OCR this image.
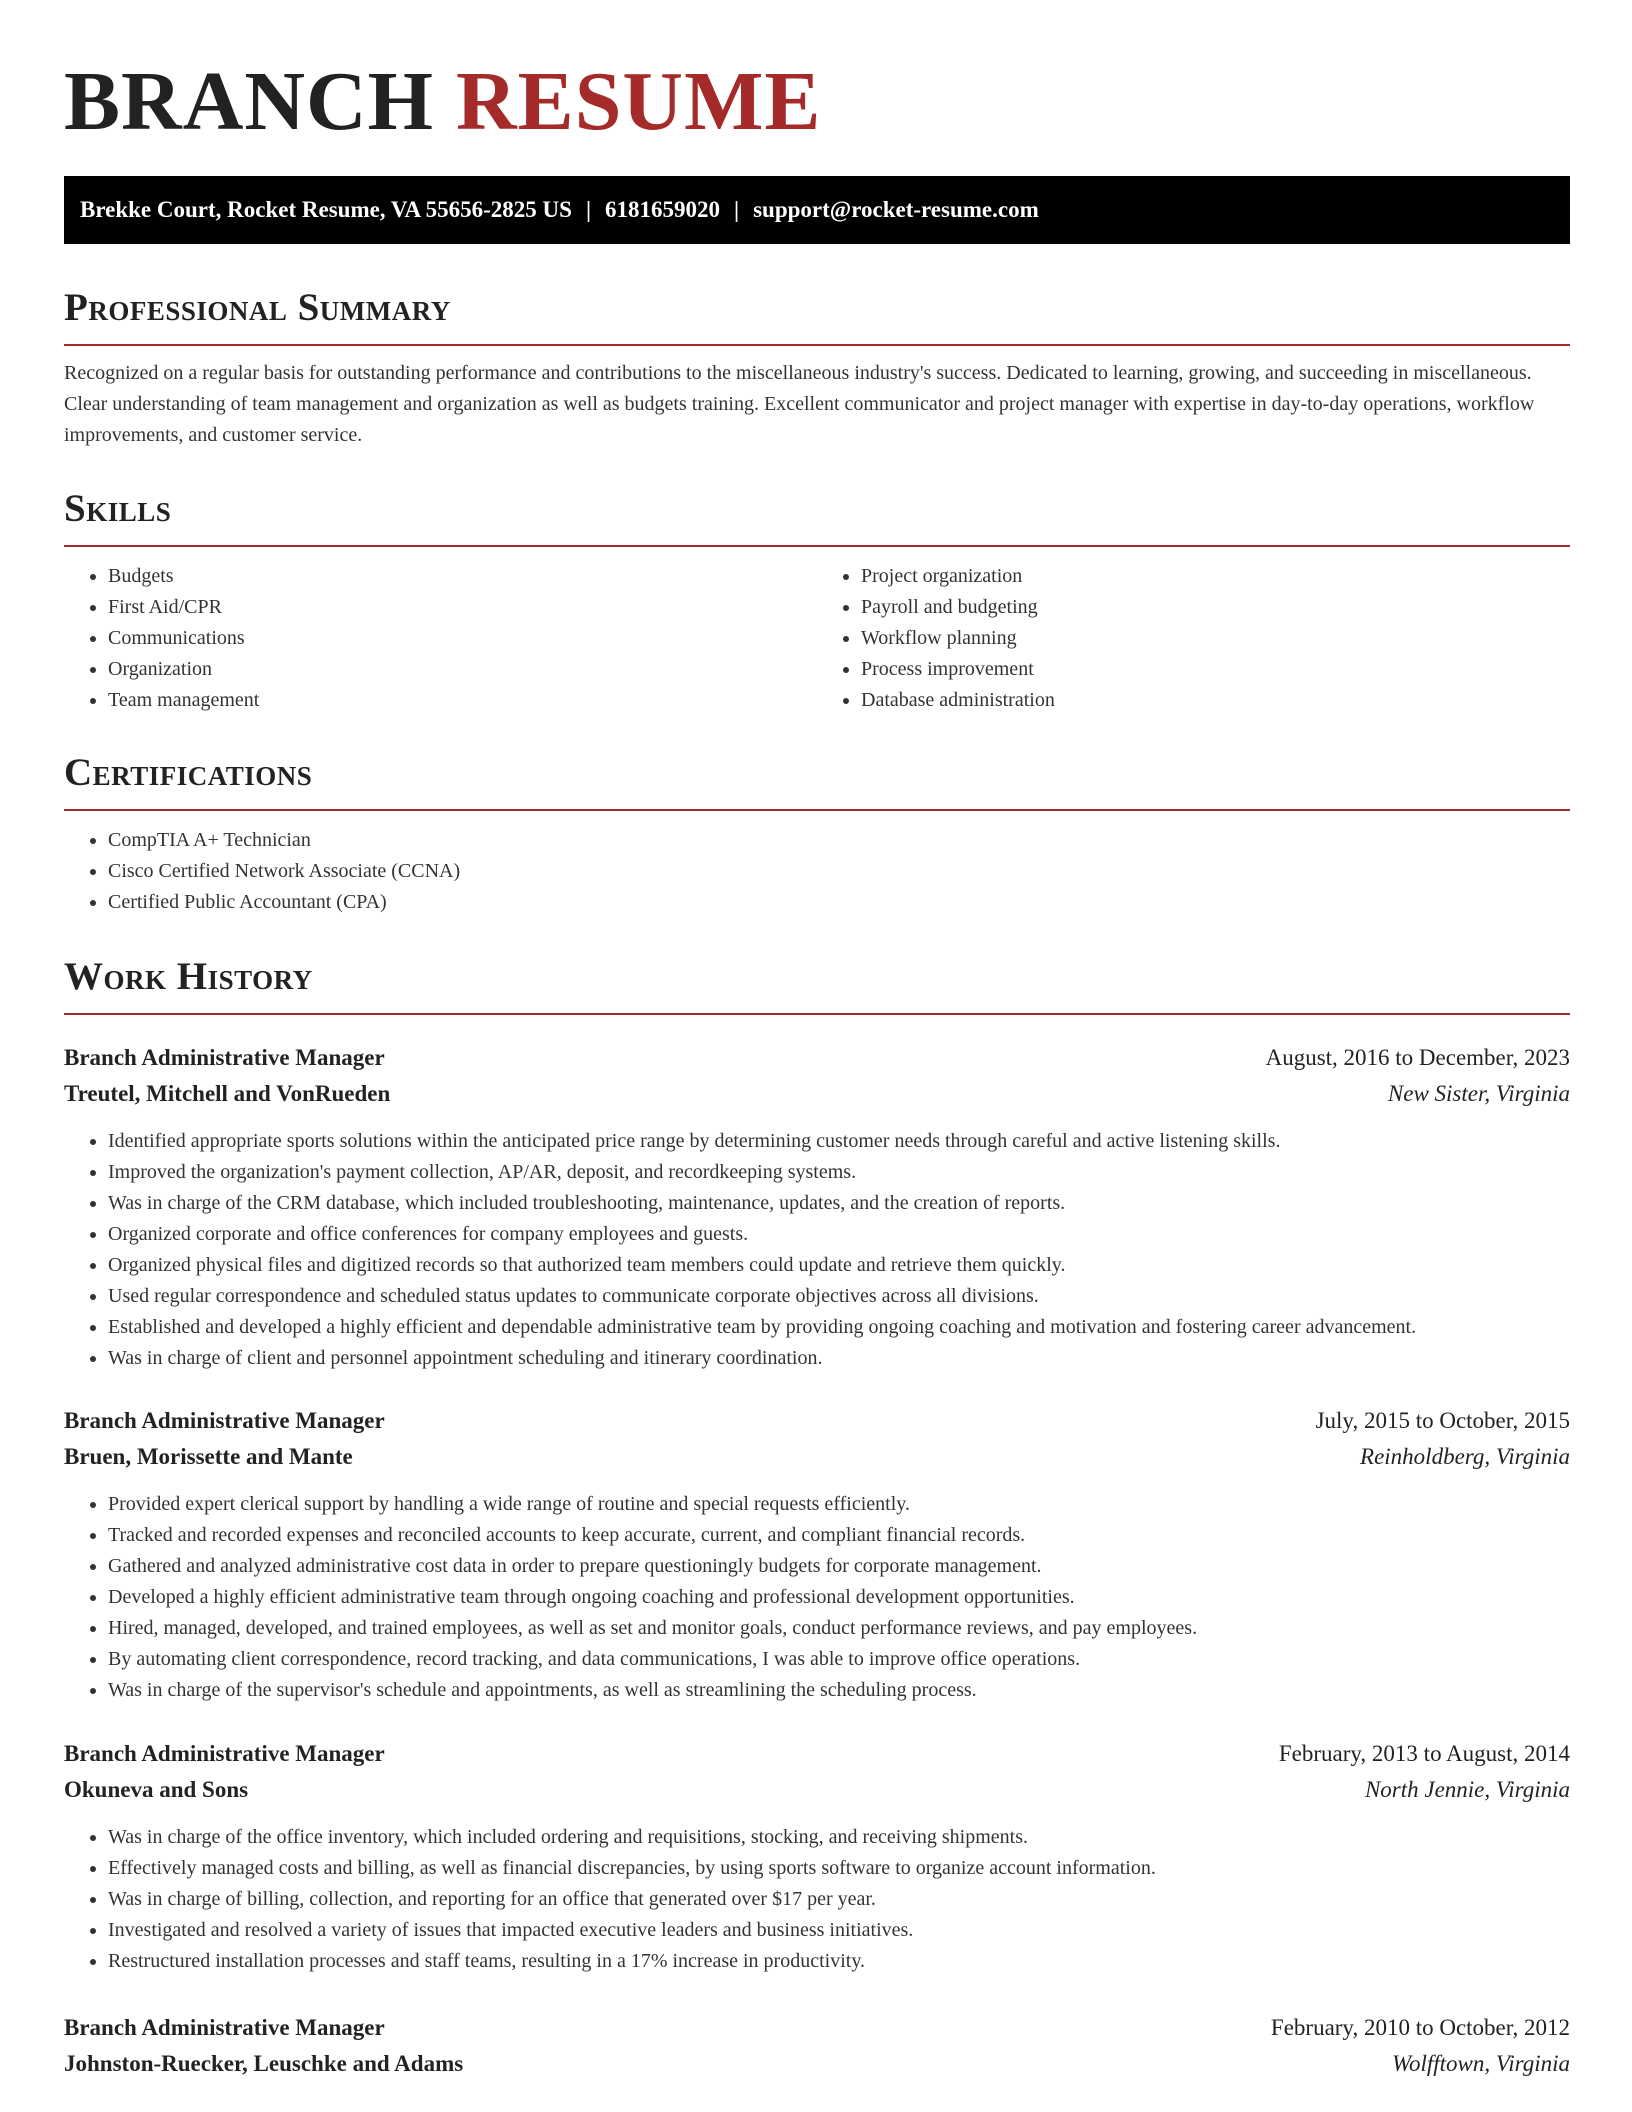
BRANCH RESUME
Brekke Court, Rocket Resume, VA 55656-2825 US | 6181659020 | support@rocket-resume.com
Professional Summary

Recognized on a regular basis for outstanding performance and contributions to the miscellaneous industry's success. Dedicated to learning, growing, and succeeding in miscellaneous. Clear understanding of team management and organization as well as budgets training. Excellent communicator and project manager with expertise in day-to-day operations, workflow improvements, and customer service.

Skills
• Budgets
• First Aid/CPR
• Communications
• Organization
• Team management
• Project organization
• Payroll and budgeting
• Workflow planning
• Process improvement
• Database administration
Certifications
• CompTIA A+ Technician
• Cisco Certified Network Associate (CCNA)
• Certified Public Accountant (CPA)
Work History
Branch Administrative Manager	August, 2016 to December, 2023
Treutel, Mitchell and VonRueden	New Sister, Virginia
• Identified appropriate sports solutions within the anticipated price range by determining customer needs through careful and active listening skills.
• Improved the organization's payment collection, AP/AR, deposit, and recordkeeping systems.
• Was in charge of the CRM database, which included troubleshooting, maintenance, updates, and the creation of reports.
• Organized corporate and office conferences for company employees and guests.
• Organized physical files and digitized records so that authorized team members could update and retrieve them quickly.
• Used regular correspondence and scheduled status updates to communicate corporate objectives across all divisions.
• Established and developed a highly efficient and dependable administrative team by providing ongoing coaching and motivation and fostering career advancement.
• Was in charge of client and personnel appointment scheduling and itinerary coordination.
Branch Administrative Manager	July, 2015 to October, 2015
Bruen, Morissette and Mante	Reinholdberg, Virginia
• Provided expert clerical support by handling a wide range of routine and special requests efficiently.
• Tracked and recorded expenses and reconciled accounts to keep accurate, current, and compliant financial records.
• Gathered and analyzed administrative cost data in order to prepare questioningly budgets for corporate management.
• Developed a highly efficient administrative team through ongoing coaching and professional development opportunities.
• Hired, managed, developed, and trained employees, as well as set and monitor goals, conduct performance reviews, and pay employees.
• By automating client correspondence, record tracking, and data communications, I was able to improve office operations.
• Was in charge of the supervisor's schedule and appointments, as well as streamlining the scheduling process.
Branch Administrative Manager	February, 2013 to August, 2014
Okuneva and Sons	North Jennie, Virginia
• Was in charge of the office inventory, which included ordering and requisitions, stocking, and receiving shipments.
• Effectively managed costs and billing, as well as financial discrepancies, by using sports software to organize account information.
• Was in charge of billing, collection, and reporting for an office that generated over $17 per year.
• Investigated and resolved a variety of issues that impacted executive leaders and business initiatives.
• Restructured installation processes and staff teams, resulting in a 17% increase in productivity.
Branch Administrative Manager	February, 2010 to October, 2012
Johnston-Ruecker, Leuschke and Adams	Wolfftown, Virginia
